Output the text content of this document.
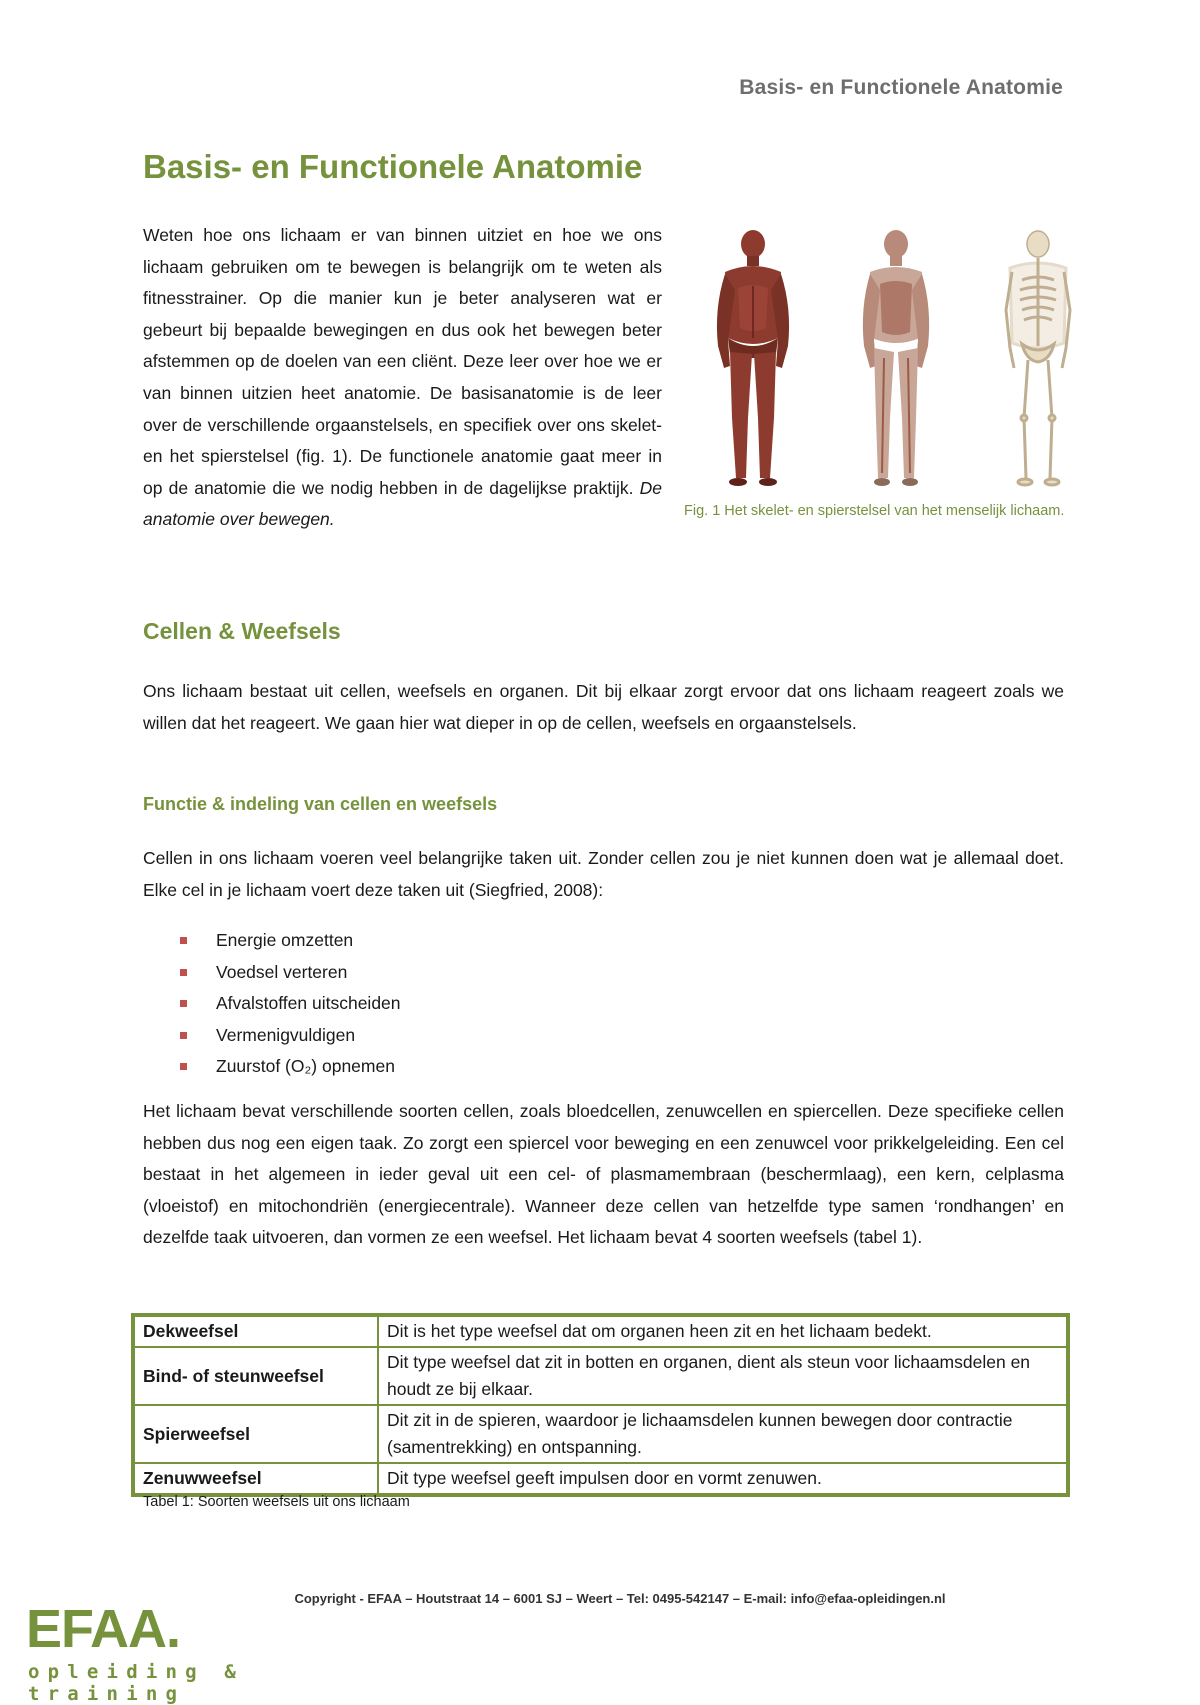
Basis- en Functionele Anatomie
Basis- en Functionele Anatomie

Weten hoe ons lichaam er van binnen uitziet en hoe we ons lichaam gebruiken om te bewegen is belangrijk om te weten als fitnesstrainer. Op die manier kun je beter analyseren wat er gebeurt bij bepaalde bewegingen en dus ook het bewegen beter afstemmen op de doelen van een cliënt. Deze leer over hoe we er van binnen uitzien heet anatomie. De basisanatomie is de leer over de verschillende orgaanstelsels, en specifiek over ons skelet- en het spierstelsel (fig. 1). De functionele anatomie gaat meer in op de anatomie die we nodig hebben in de dagelijkse praktijk. De anatomie over bewegen.	Fig. 1 Het skelet- en spierstelsel van het menselijk lichaam.

Cellen & Weefsels

Ons lichaam bestaat uit cellen, weefsels en organen. Dit bij elkaar zorgt ervoor dat ons lichaam reageert zoals we willen dat het reageert. We gaan hier wat dieper in op de cellen, weefsels en orgaanstelsels.

Functie & indeling van cellen en weefsels

Cellen in ons lichaam voeren veel belangrijke taken uit. Zonder cellen zou je niet kunnen doen wat je allemaal doet. Elke cel in je lichaam voert deze taken uit (Siegfried, 2008):

Energie omzetten
Voedsel verteren
Afvalstoffen uitscheiden
Vermenigvuldigen
Zuurstof (O₂) opnemen

Het lichaam bevat verschillende soorten cellen, zoals bloedcellen, zenuwcellen en spiercellen. Deze specifieke cellen hebben dus nog een eigen taak. Zo zorgt een spiercel voor beweging en een zenuwcel voor prikkelgeleiding. Een cel bestaat in het algemeen in ieder geval uit een cel- of plasmamembraan (beschermlaag), een kern, celplasma (vloeistof) en mitochondriën (energiecentrale). Wanneer deze cellen van hetzelfde type samen ‘rondhangen’ en dezelfde taak uitvoeren, dan vormen ze een weefsel. Het lichaam bevat 4 soorten weefsels (tabel 1).

Dekweefsel	Dit is het type weefsel dat om organen heen zit en het lichaam bedekt.
Bind- of steunweefsel	Dit type weefsel dat zit in botten en organen, dient als steun voor lichaamsdelen en houdt ze bij elkaar.
Spierweefsel	Dit zit in de spieren, waardoor je lichaamsdelen kunnen bewegen door contractie (samentrekking) en ontspanning.
Zenuwweefsel	Dit type weefsel geeft impulsen door en vormt zenuwen.

Tabel 1: Soorten weefsels uit ons lichaam

Copyright - EFAA – Houtstraat 14 – 6001 SJ – Weert – Tel: 0495-542147 – E-mail: info@efaa-opleidingen.nl
EFAA.
opleiding & training
